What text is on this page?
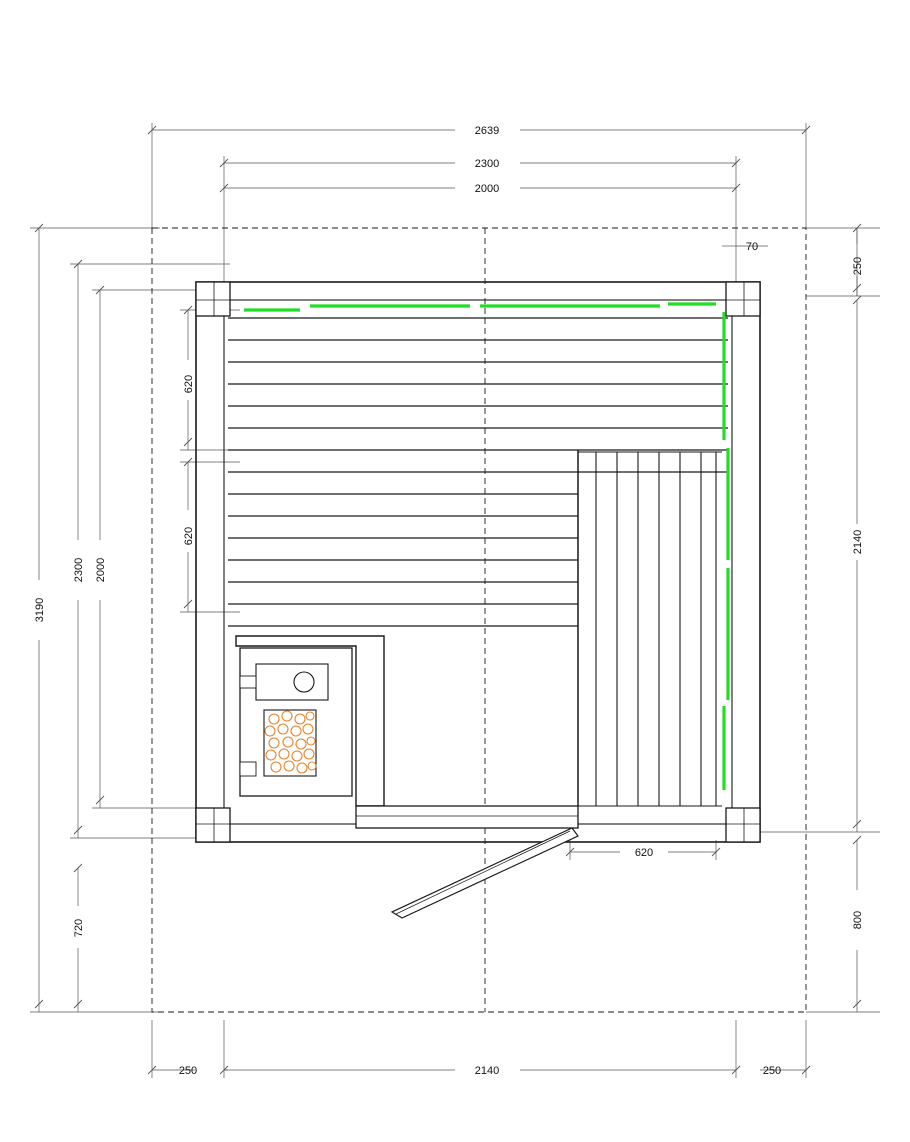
2639
2300
2000
70
250
2140
800
3190
2300 2000
720
620
620
620
250	2140	250
